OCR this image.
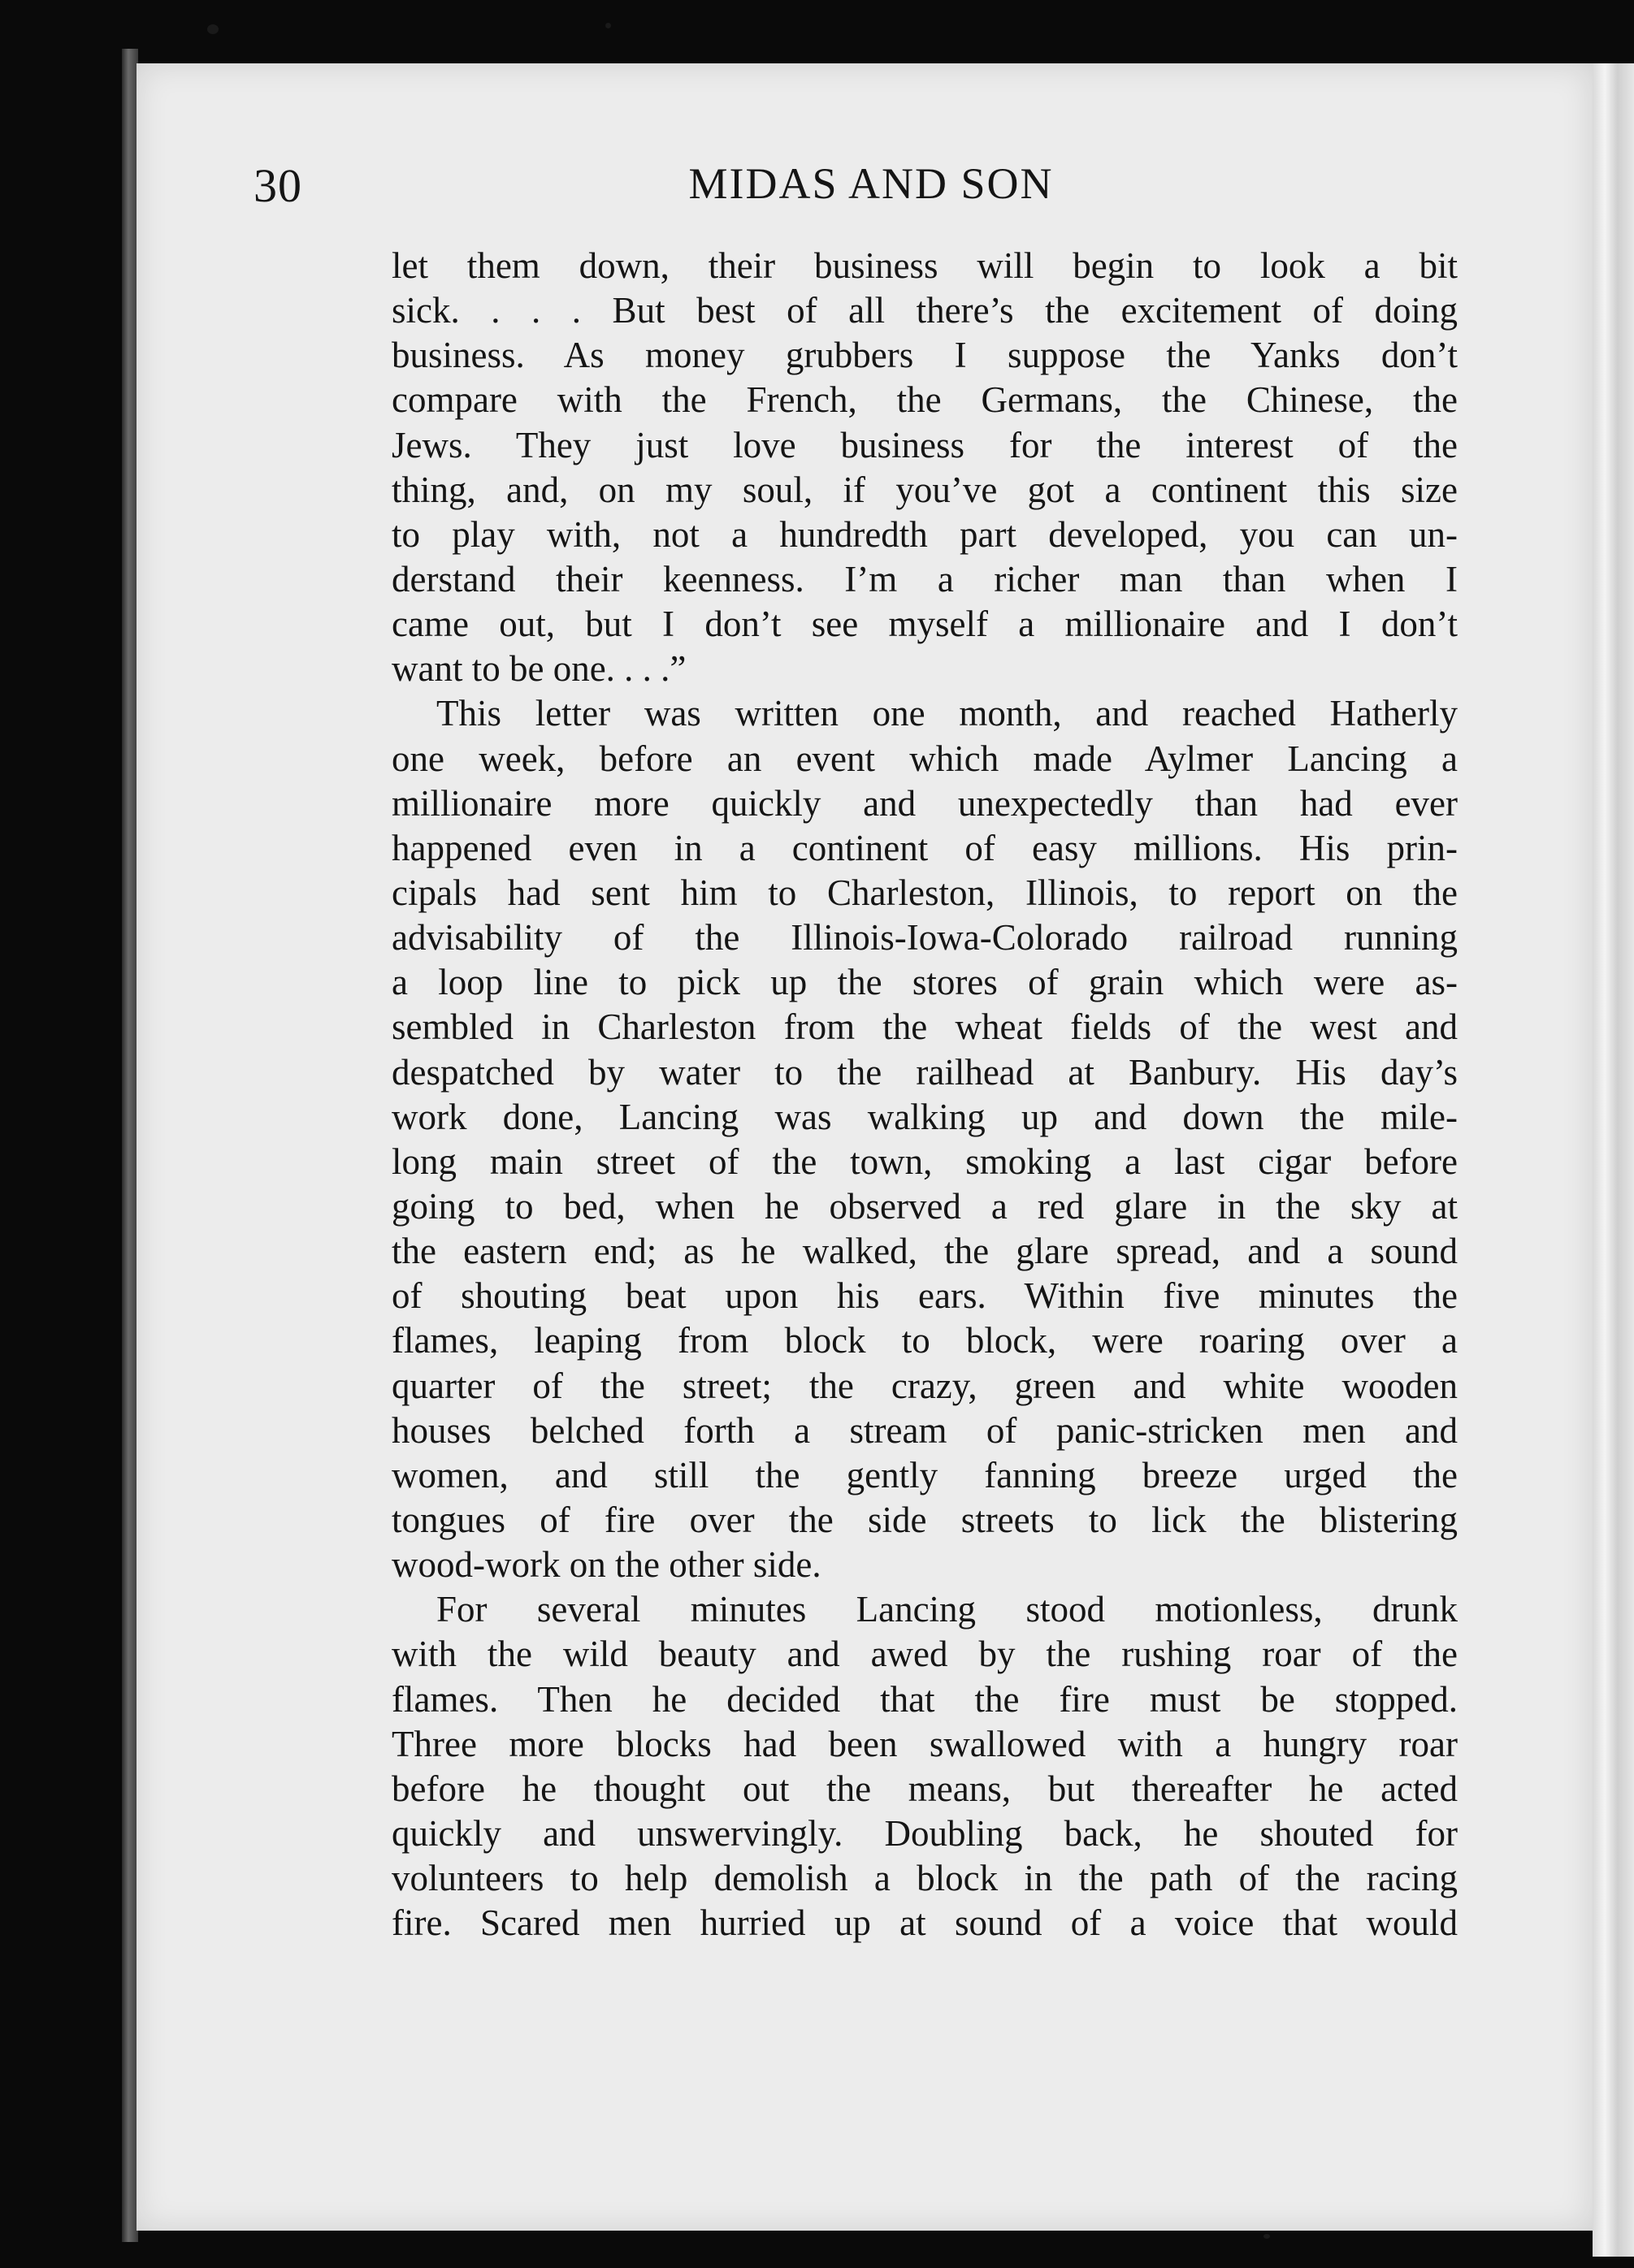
30	MIDAS AND SON
let them down, their business will begin to look a bit
sick. . . . But best of all there’s the excitement of doing
business. As money grubbers I suppose the Yanks don’t
compare with the French, the Germans, the Chinese, the
Jews. They just love business for the interest of the
thing, and, on my soul, if you’ve got a continent this size
to play with, not a hundredth part developed, you can un-
derstand their keenness. I’m a richer man than when I
came out, but I don’t see myself a millionaire and I don’t
want to be one. . . .”
This letter was written one month, and reached Hatherly
one week, before an event which made Aylmer Lancing a
millionaire more quickly and unexpectedly than had ever
happened even in a continent of easy millions. His prin-
cipals had sent him to Charleston, Illinois, to report on the
advisability of the Illinois-Iowa-Colorado railroad running
a loop line to pick up the stores of grain which were as-
sembled in Charleston from the wheat fields of the west and
despatched by water to the railhead at Banbury. His day’s
work done, Lancing was walking up and down the mile-
long main street of the town, smoking a last cigar before
going to bed, when he observed a red glare in the sky at
the eastern end; as he walked, the glare spread, and a sound
of shouting beat upon his ears. Within five minutes the
flames, leaping from block to block, were roaring over a
quarter of the street; the crazy, green and white wooden
houses belched forth a stream of panic-stricken men and
women, and still the gently fanning breeze urged the
tongues of fire over the side streets to lick the blistering
wood-work on the other side.
For several minutes Lancing stood motionless, drunk
with the wild beauty and awed by the rushing roar of the
flames. Then he decided that the fire must be stopped.
Three more blocks had been swallowed with a hungry roar
before he thought out the means, but thereafter he acted
quickly and unswervingly. Doubling back, he shouted for
volunteers to help demolish a block in the path of the racing
fire. Scared men hurried up at sound of a voice that would
